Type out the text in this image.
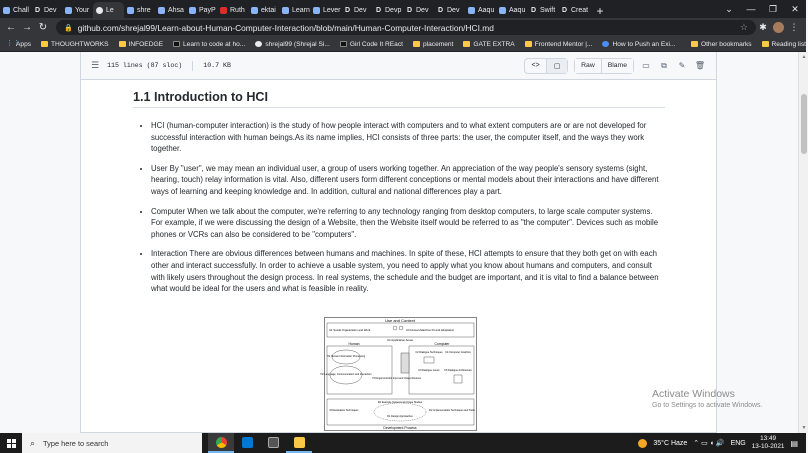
Chall D Dev	Your Le	shre Ahsa PayP Ruth ektai Learn Lever D Dev D Devp D Dev D Dev	Aaqu Aaqu D Swift D Creat +	⌄	—	❐	✕
← → ↻	🔒 github.com/shrejal99/Learn-about-Human-Computer-Interaction/blob/main/Human-Computer-Interaction/HCI.md	☆ ✱	⋮
⋮⋮
Apps	THOUGHTWORKS	INFOEDGE	Learn to code at ho...	shrejal99 (Shrejal Si...	Girl Code It REact	placement	GATE EXTRA	Frontend Mentor |...	How to Push an Exi...	Other bookmarks	Reading list
☰ 115 lines (87 sloc)	10.7 KB	<>	▢	Raw	Blame	▭	⧉	✎	🗑
1.1 Introduction to HCI
• HCI (human-computer interaction) is the study of how people interact with computers and to what extent computers are or are not developed for successful interaction with human beings.As its name implies, HCI consists of three parts: the user, the computer itself, and the ways they work together.
• User By "user", we may mean an individual user, a group of users working together. An appreciation of the way people's sensory systems (sight, hearing, touch) relay information is vital. Also, different users form different conceptions or mental models about their interactions and have different ways of learning and keeping knowledge and. In addition, cultural and national differences play a part.
• Computer When we talk about the computer, we're referring to any technology ranging from desktop computers, to large scale computer systems. For example, if we were discussing the design of a Website, then the Website itself would be referred to as "the computer". Devices such as mobile phones or VCRs can also be considered to be "computers".
• Interaction There are obvious differences between humans and machines. In spite of these, HCI attempts to ensure that they both get on with each other and interact successfully. In order to achieve a usable system, you need to apply what you know about humans and computers, and consult with likely users throughout the design process. In real systems, the schedule and the budget are important, and it is vital to find a balance between what would be ideal for the users and what is feasible in reality.
Use and Context
U1 Social Organization and Work	U3 Human-Machine Fit and Adaptation
U2 Application Areas
Human	Computer
H1 Human Information Processing
H2 Language, Communication and Interaction
H3 Ergonomics C1 Input and Output Devices
C2 Dialogue Techniques
C3 Dialogue Genre
C4 Computer Graphics
C5 Dialogue Architecture
D4 Example Systems and Case Studies
D1 Design Approaches
D3 Evaluation Techniques	D2 Implementation Techniques and Tools
Development Process
Activate Windows
Go to Settings to activate Windows.
▲
▼
⌕ Type here to search	35°C Haze ⌃ ▭ ◖ 🔊 ENG
13:49
13-10-2021 ▤
